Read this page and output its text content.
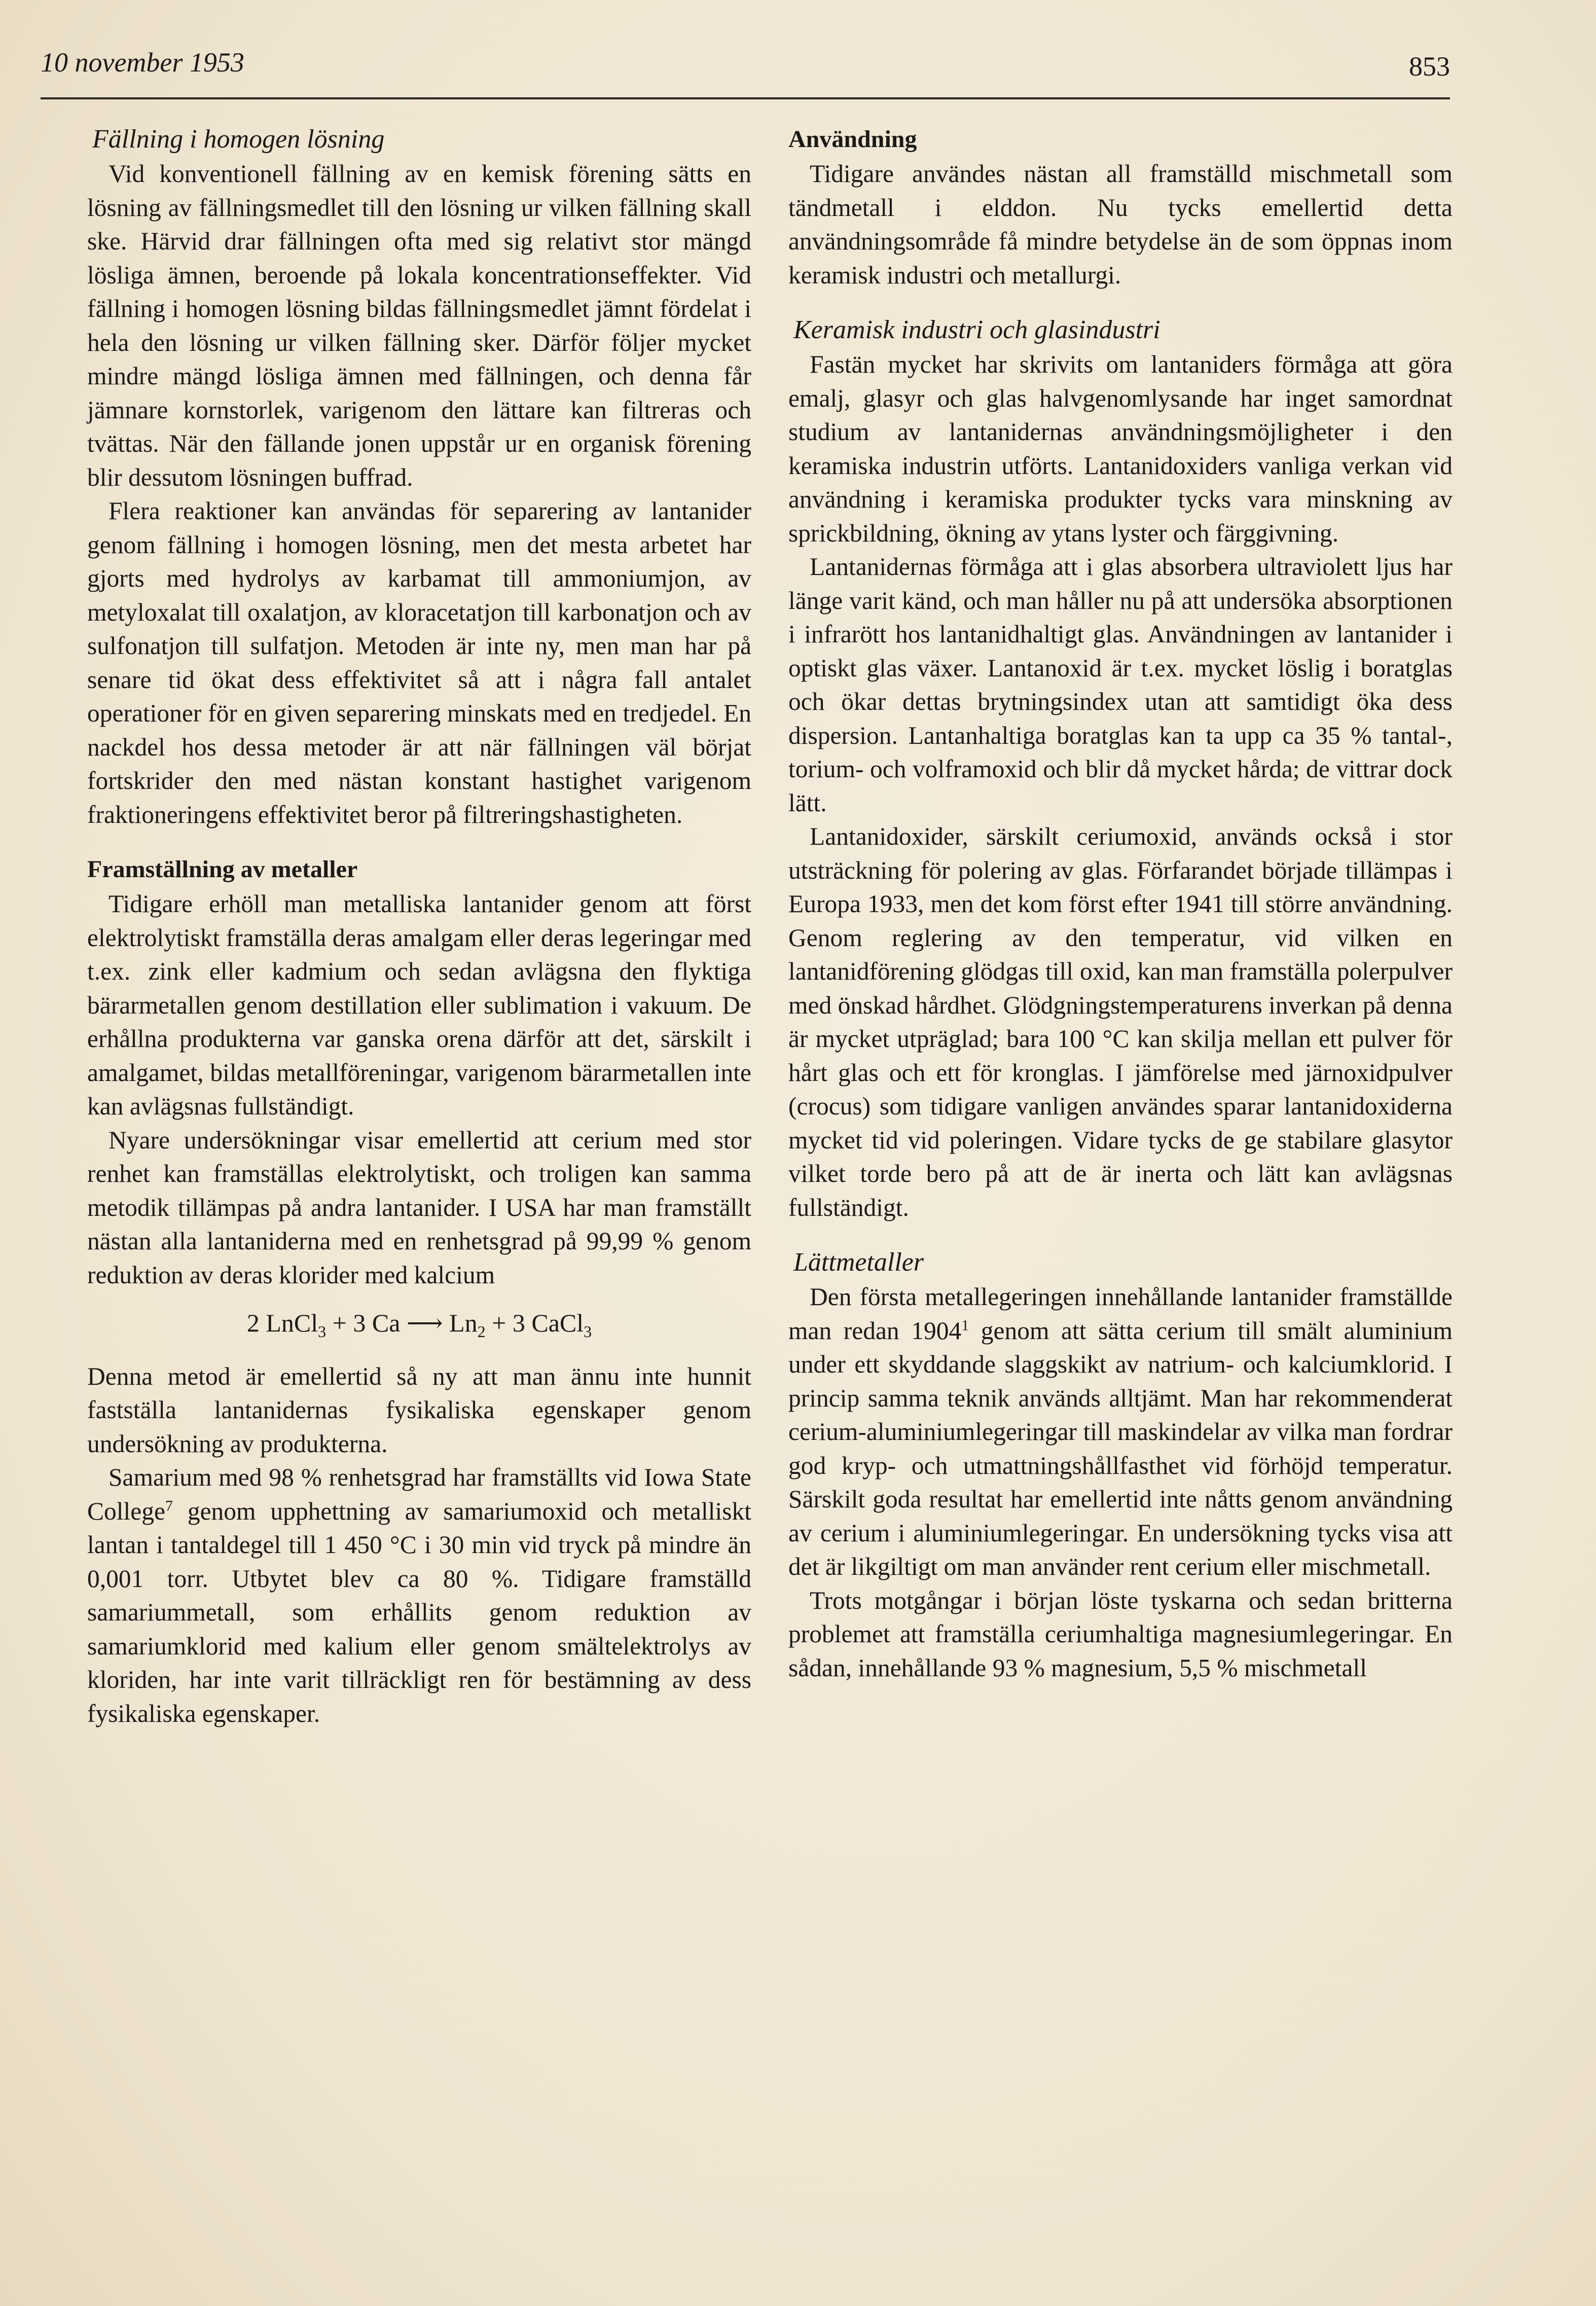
10 november 1953	853

Fällning i homogen lösning

Vid konventionell fällning av en kemisk förening sätts en lösning av fällningsmedlet till den lösning ur vilken fällning skall ske. Härvid drar fällningen ofta med sig relativt stor mängd lösliga ämnen, beroende på lokala koncentrationseffekter. Vid fällning i homogen lösning bildas fällningsmedlet jämnt fördelat i hela den lösning ur vilken fällning sker. Därför följer mycket mindre mängd lösliga ämnen med fällningen, och denna får jämnare kornstorlek, varigenom den lättare kan filtreras och tvättas. När den fällande jonen uppstår ur en organisk förening blir dessutom lösningen buffrad.

Flera reaktioner kan användas för separering av lantanider genom fällning i homogen lösning, men det mesta arbetet har gjorts med hydrolys av karbamat till ammoniumjon, av metyloxalat till oxalatjon, av kloracetatjon till karbonatjon och av sulfonatjon till sulfatjon. Metoden är inte ny, men man har på senare tid ökat dess effektivitet så att i några fall antalet operationer för en given separering minskats med en tredjedel. En nackdel hos dessa metoder är att när fällningen väl börjat fortskrider den med nästan konstant hastighet varigenom fraktioneringens effektivitet beror på filtreringshastigheten.

Framställning av metaller

Tidigare erhöll man metalliska lantanider genom att först elektrolytiskt framställa deras amalgam eller deras legeringar med t.ex. zink eller kadmium och sedan avlägsna den flyktiga bärarmetallen genom destillation eller sublimation i vakuum. De erhållna produkterna var ganska orena därför att det, särskilt i amalgamet, bildas metallföreningar, varigenom bärarmetallen inte kan avlägsnas fullständigt.

Nyare undersökningar visar emellertid att cerium med stor renhet kan framställas elektrolytiskt, och troligen kan samma metodik tillämpas på andra lantanider. I USA har man framställt nästan alla lantaniderna med en renhetsgrad på 99,99 % genom reduktion av deras klorider med kalcium

2 LnCl$_3$ + 3 Ca ⟶ $Ln_2 + 3$ CaCl$_3$

Denna metod är emellertid så ny att man ännu inte hunnit fastställa lantanidernas fysikaliska egenskaper genom undersökning av produkterna.

Samarium med 98 % renhetsgrad har framställts vid Iowa State College$^7$ genom upphettning av samariumoxid och metalliskt lantan i tantaldegel till 1 450 °C i 30 min vid tryck på mindre än 0,001 torr. Utbytet blev ca 80 %. Tidigare framställd samariummetall, som erhållits genom reduktion av samariumklorid med kalium eller genom smältelektrolys av kloriden, har inte varit tillräckligt ren för bestämning av dess fysikaliska egenskaper.

Användning

Tidigare användes nästan all framställd mischmetall som tändmetall i elddon. Nu tycks emellertid detta användningsområde få mindre betydelse än de som öppnas inom keramisk industri och metallurgi.

Keramisk industri och glasindustri

Fastän mycket har skrivits om lantaniders förmåga att göra emalj, glasyr och glas halvgenomlysande har inget samordnat studium av lantanidernas användningsmöjligheter i den keramiska industrin utförts. Lantanidoxiders vanliga verkan vid användning i keramiska produkter tycks vara minskning av sprickbildning, ökning av ytans lyster och färggivning.

Lantanidernas förmåga att i glas absorbera ultraviolett ljus har länge varit känd, och man håller nu på att undersöka absorptionen i infrarött hos lantanidhaltigt glas. Användningen av lantanider i optiskt glas växer. Lantanoxid är t.ex. mycket löslig i boratglas och ökar dettas brytningsindex utan att samtidigt öka dess dispersion. Lantanhaltiga boratglas kan ta upp ca 35 % tantal-, torium- och volframoxid och blir då mycket hårda; de vittrar dock lätt.

Lantanidoxider, särskilt ceriumoxid, används också i stor utsträckning för polering av glas. Förfarandet började tillämpas i Europa 1933, men det kom först efter 1941 till större användning. Genom reglering av den temperatur, vid vilken en lantanidförening glödgas till oxid, kan man framställa polerpulver med önskad hårdhet. Glödgningstemperaturens inverkan på denna är mycket utpräglad; bara 100 °C kan skilja mellan ett pulver för hårt glas och ett för kronglas. I jämförelse med järnoxidpulver (crocus) som tidigare vanligen användes sparar lantanidoxiderna mycket tid vid poleringen. Vidare tycks de ge stabilare glasytor vilket torde bero på att de är inerta och lätt kan avlägsnas fullständigt.

Lättmetaller

Den första metallegeringen innehållande lantanider framställde man redan 1904$^1$ genom att sätta cerium till smält aluminium under ett skyddande slaggskikt av natrium- och kalciumklorid. I princip samma teknik används alltjämt. Man har rekommenderat cerium-aluminiumlegeringar till maskindelar av vilka man fordrar god kryp- och utmattningshållfasthet vid förhöjd temperatur. Särskilt goda resultat har emellertid inte nåtts genom användning av cerium i aluminiumlegeringar. En undersökning tycks visa att det är likgiltigt om man använder rent cerium eller mischmetall.

Trots motgångar i början löste tyskarna och sedan britterna problemet att framställa ceriumhaltiga magnesiumlegeringar. En sådan, innehållande 93 % magnesium, 5,5 % mischmetall
